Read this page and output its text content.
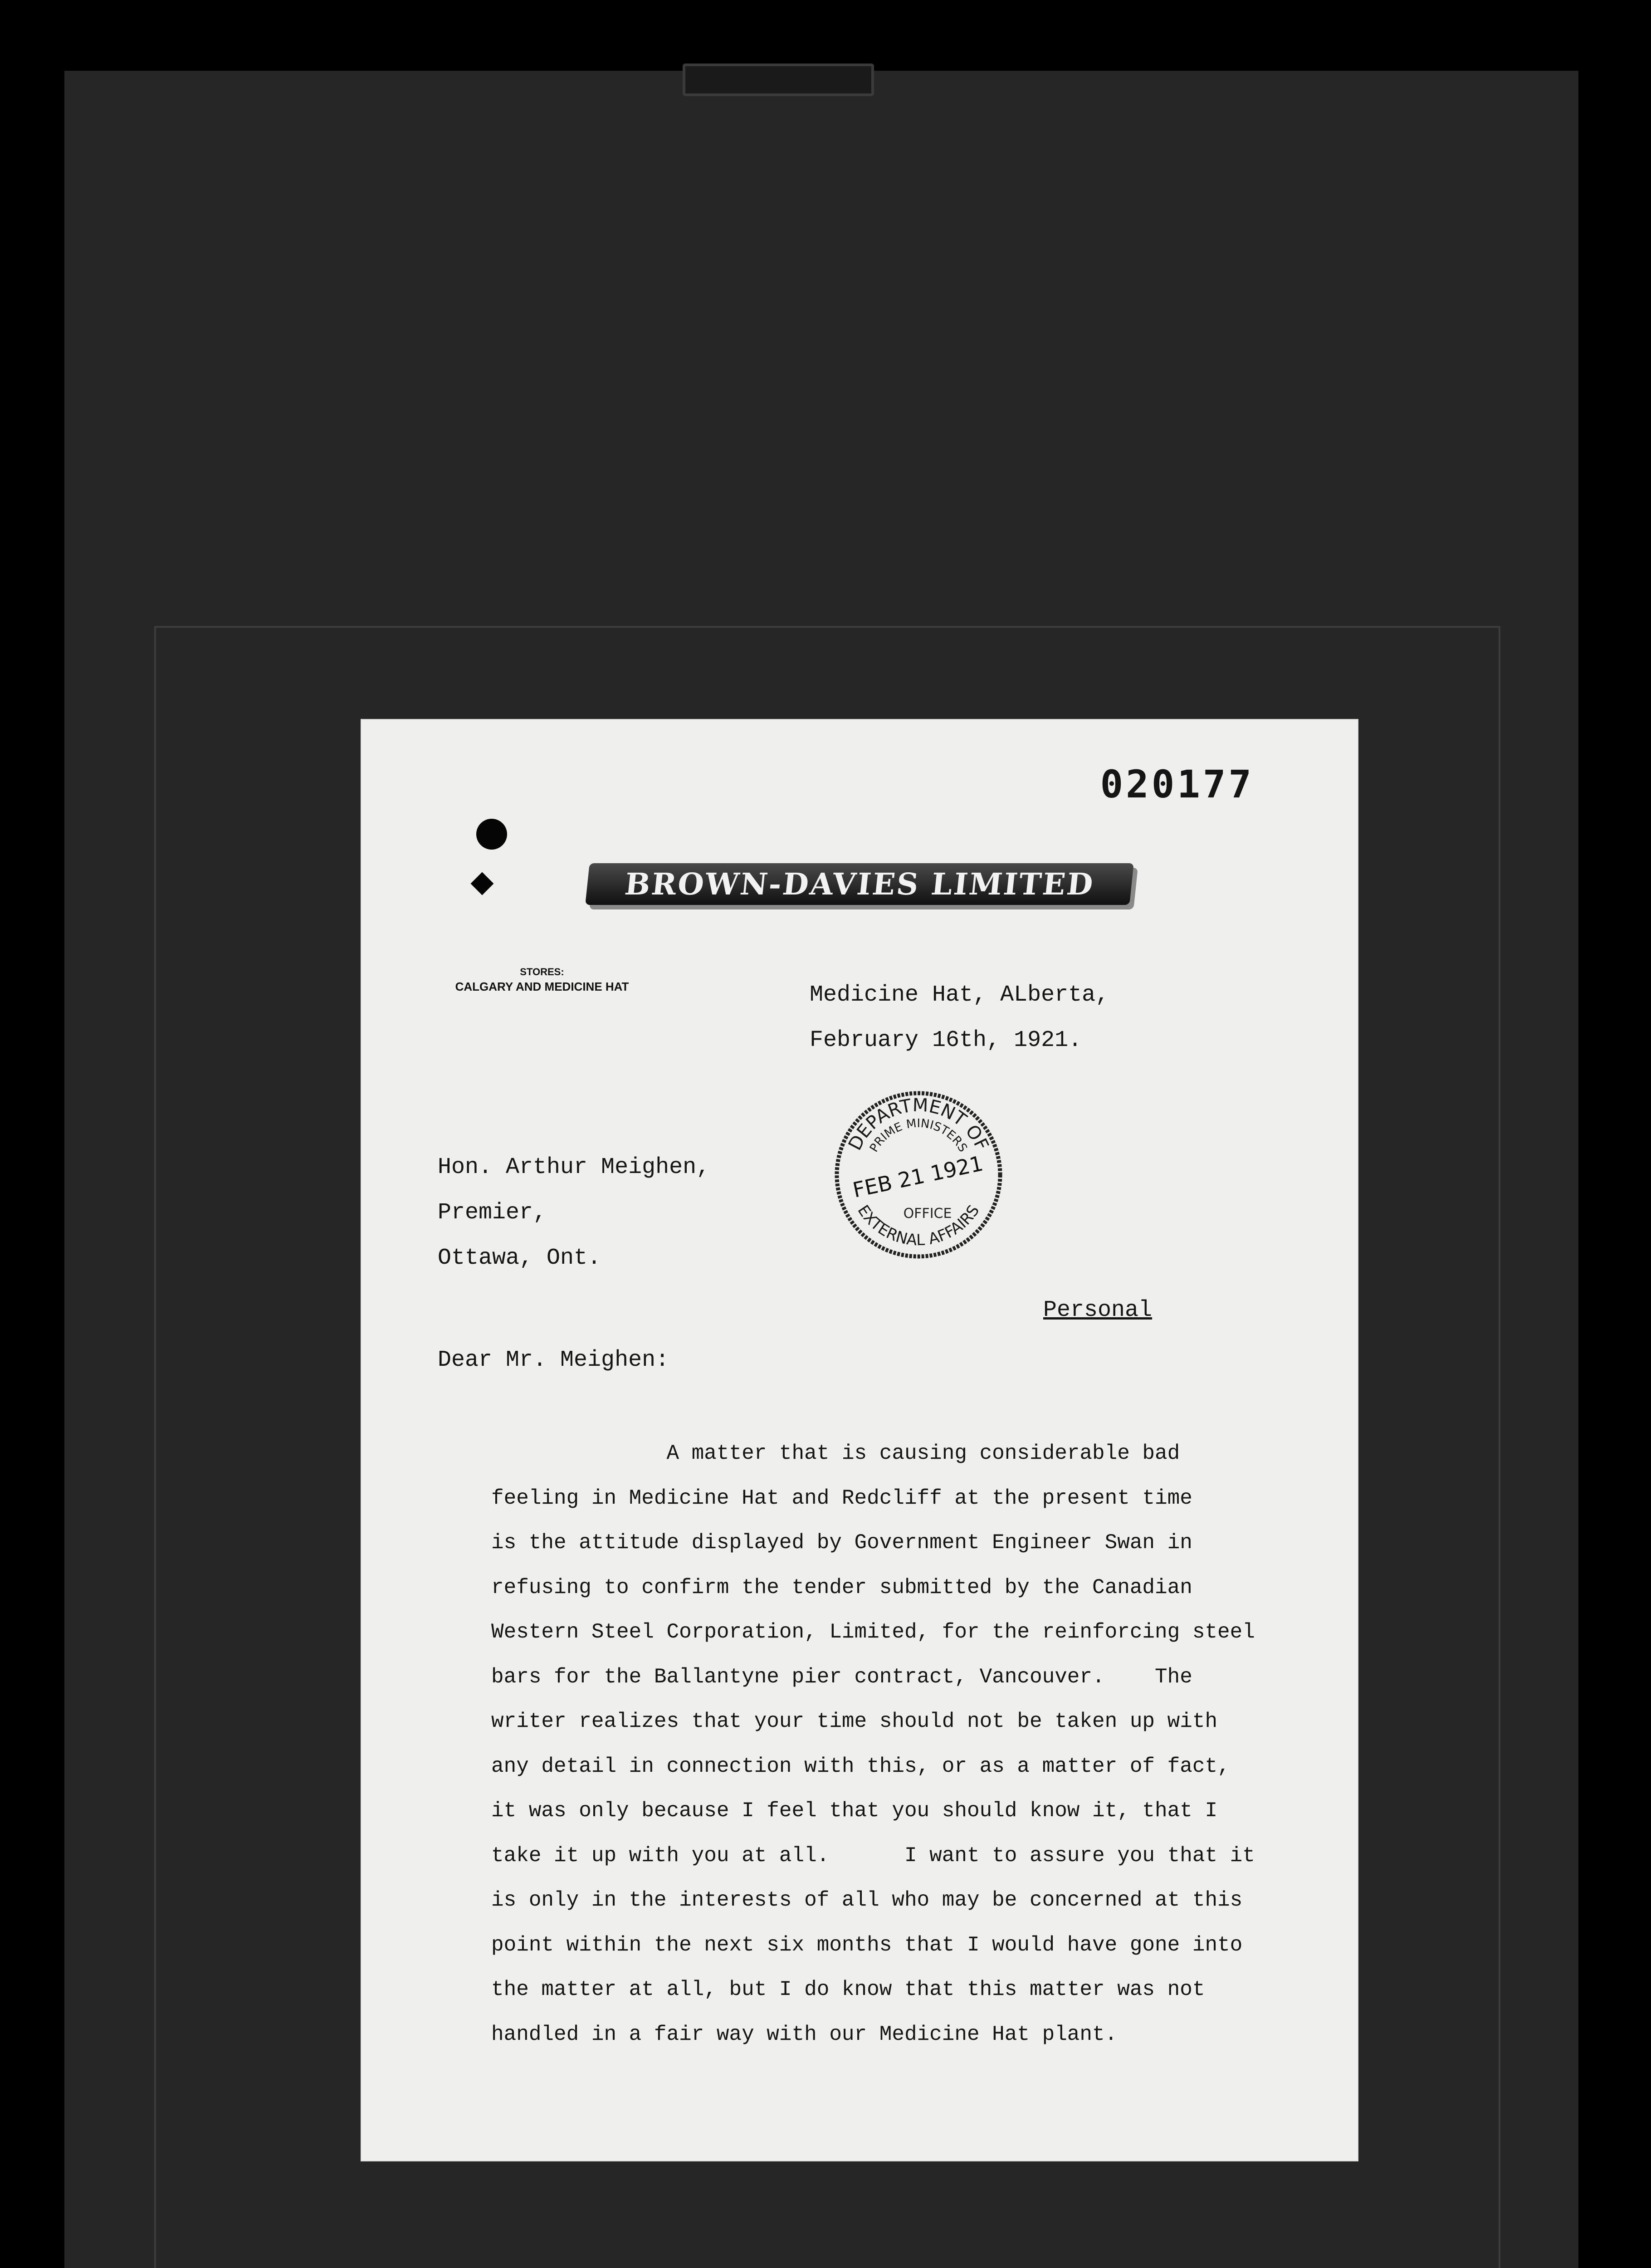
020177
BROWN-DAVIES LIMITED
STORES:
CALGARY AND MEDICINE HAT	Medicine Hat, ALberta,
February 16th, 1921.
DEPARTMENT OF
PRIME MINISTERS
FEB 21 1921
OFFICE
EXTERNAL AFFAIRS
Hon. Arthur Meighen,
Premier,
Ottawa, Ont.
Personal
Dear Mr. Meighen:
A matter that is causing considerable bad
feeling in Medicine Hat and Redcliff at the present time
is the attitude displayed by Government Engineer Swan in
refusing to confirm the tender submitted by the Canadian
Western Steel Corporation, Limited, for the reinforcing steel
bars for the Ballantyne pier contract, Vancouver.    The
writer realizes that your time should not be taken up with
any detail in connection with this, or as a matter of fact,
it was only because I feel that you should know it, that I
take it up with you at all.      I want to assure you that it
is only in the interests of all who may be concerned at this
point within the next six months that I would have gone into
the matter at all, but I do know that this matter was not
handled in a fair way with our Medicine Hat plant.
